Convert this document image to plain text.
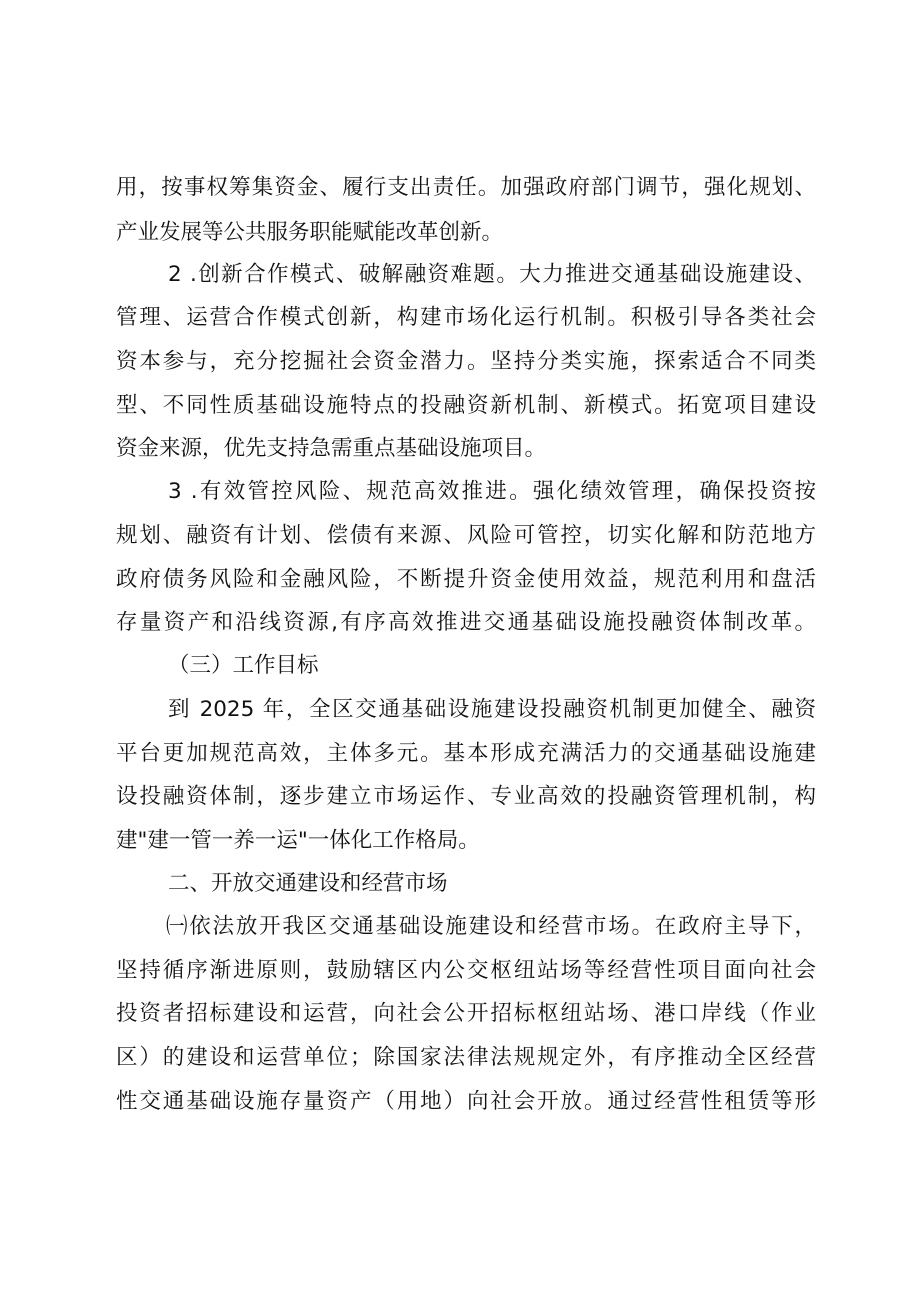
用，按事权筹集资金、履行支出责任。加强政府部门调节，强化规划、
产业发展等公共服务职能赋能改革创新。
2 .创新合作模式、破解融资难题。大力推进交通基础设施建设、
管理、运营合作模式创新，构建市场化运行机制。积极引导各类社会
资本参与，充分挖掘社会资金潜力。坚持分类实施，探索适合不同类
型、不同性质基础设施特点的投融资新机制、新模式。拓宽项目建设
资金来源，优先支持急需重点基础设施项目。
3 .有效管控风险、规范高效推进。强化绩效管理，确保投资按
规划、融资有计划、偿债有来源、风险可管控，切实化解和防范地方
政府债务风险和金融风险，不断提升资金使用效益，规范利用和盘活
存量资产和沿线资源,有序高效推进交通基础设施投融资体制改革。
（三）工作目标
到 2025 年，全区交通基础设施建设投融资机制更加健全、融资
平台更加规范高效，主体多元。基本形成充满活力的交通基础设施建
设投融资体制，逐步建立市场运作、专业高效的投融资管理机制，构
建"建一管一养一运"一体化工作格局。
二、开放交通建设和经营市场
㈠依法放开我区交通基础设施建设和经营市场。在政府主导下，
坚持循序渐进原则，鼓励辖区内公交枢纽站场等经营性项目面向社会
投资者招标建设和运营，向社会公开招标枢纽站场、港口岸线（作业
区）的建设和运营单位；除国家法律法规规定外，有序推动全区经营
性交通基础设施存量资产（用地）向社会开放。通过经营性租赁等形
